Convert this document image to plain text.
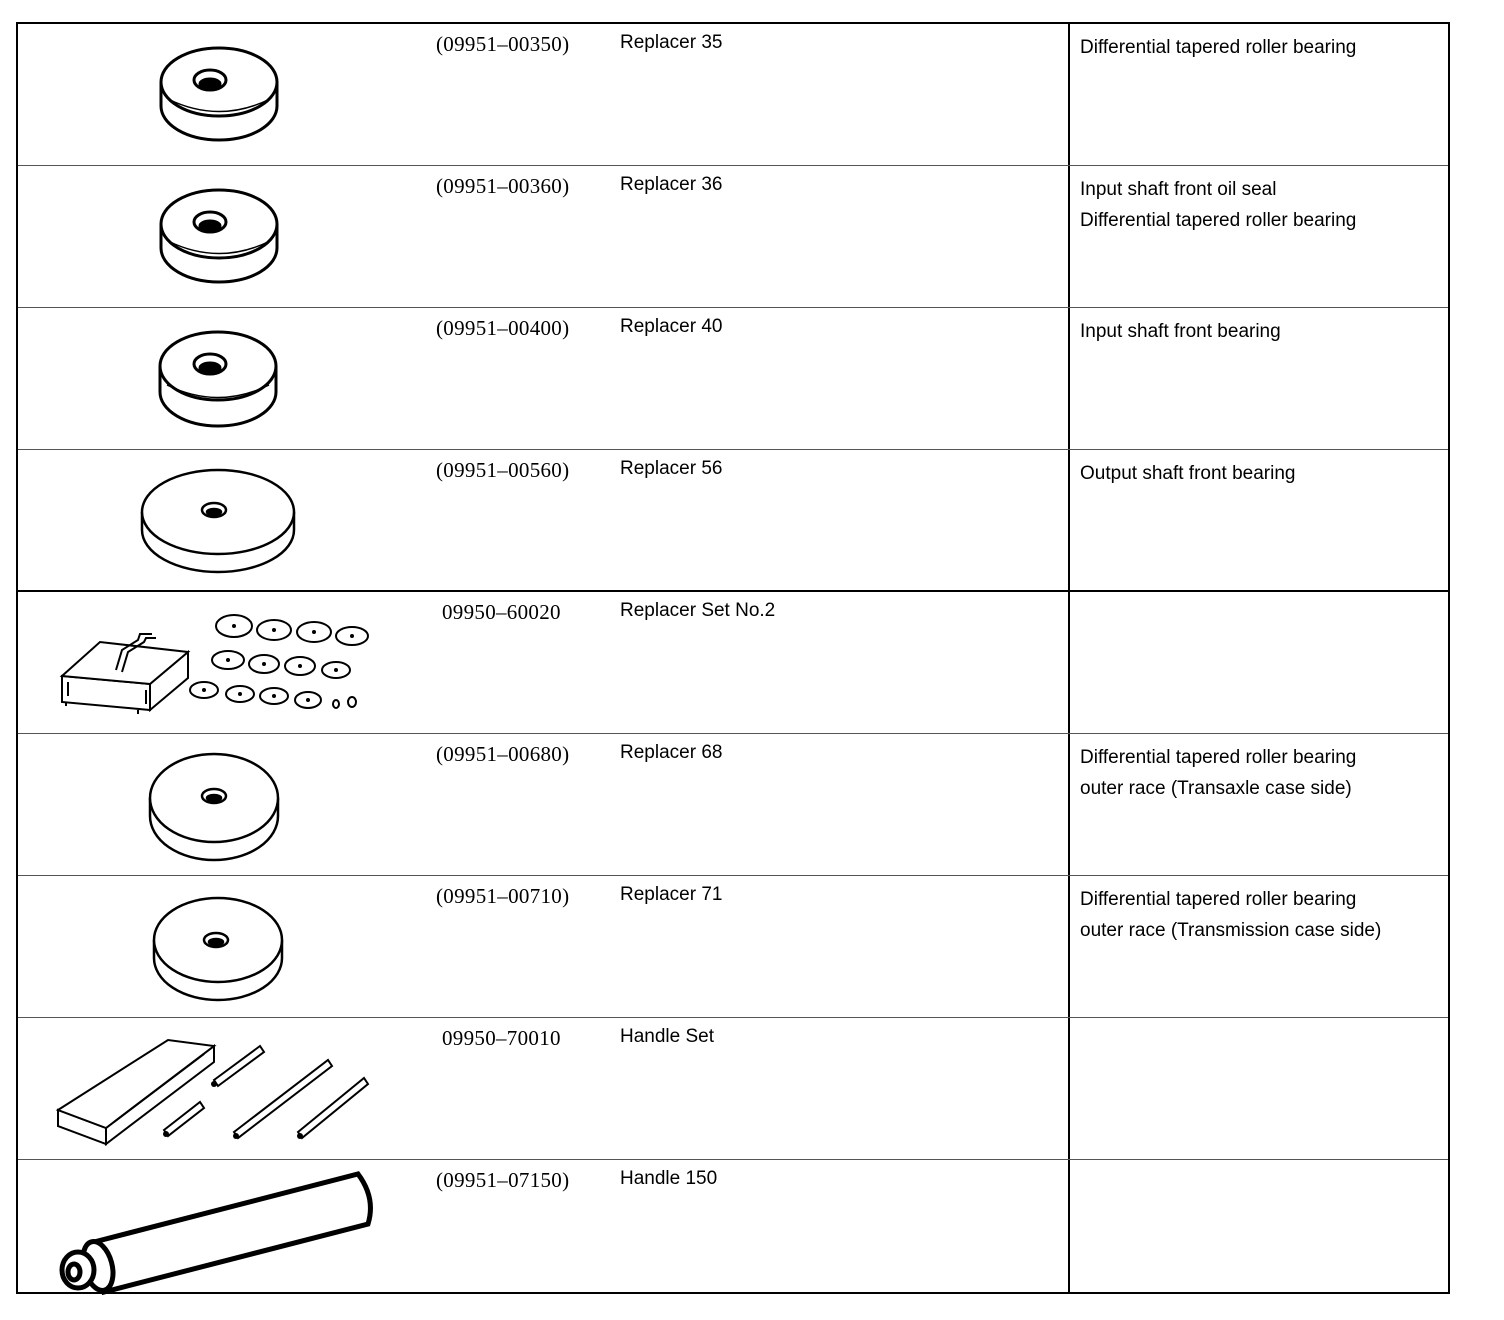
(09951–00350)	Replacer 35	Differential tapered roller bearing
(09951–00360)	Replacer 36	Input shaft front oil seal
Differential tapered roller bearing
(09951–00400)	Replacer 40	Input shaft front bearing
(09951–00560)	Replacer 56	Output shaft front bearing
09950–60020	Replacer Set No.2
(09951–00680)	Replacer 68	Differential tapered roller bearing
outer race (Transaxle case side)
(09951–00710)	Replacer 71	Differential tapered roller bearing
outer race (Transmission case side)
09950–70010	Handle Set
(09951–07150)	Handle 150
